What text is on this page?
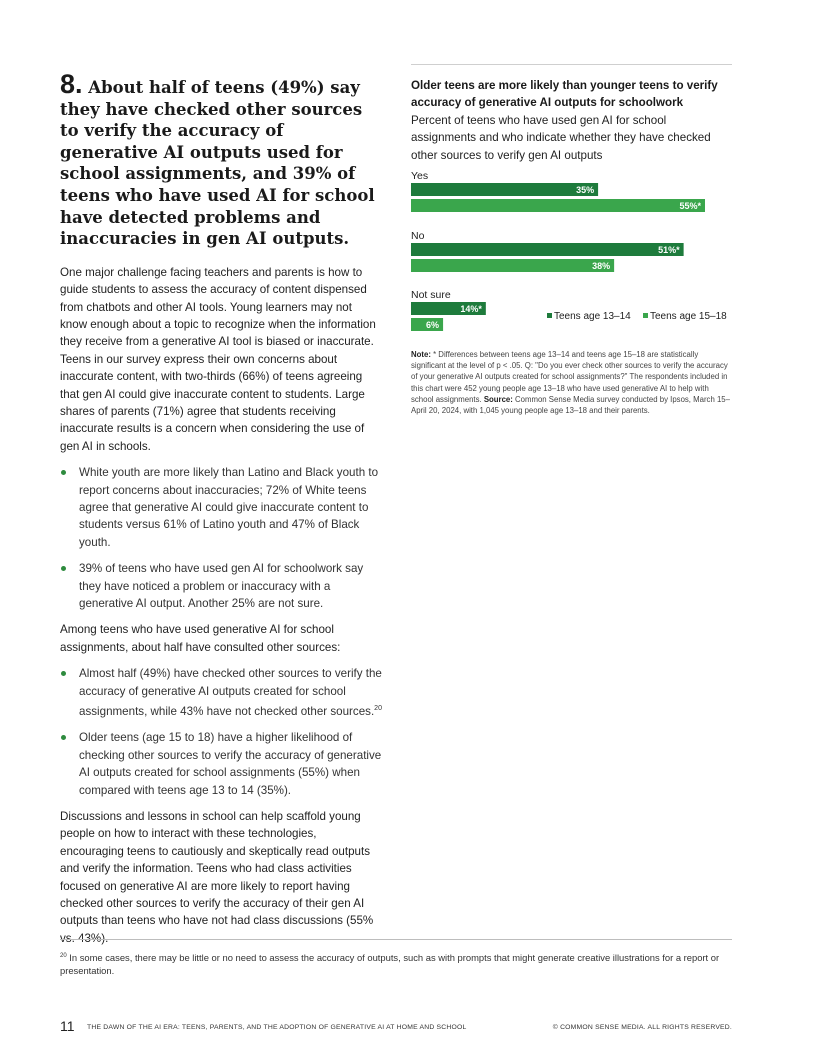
8. About half of teens (49%) say they have checked other sources to verify the accuracy of generative AI outputs used for school assignments, and 39% of teens who have used AI for school have detected problems and inaccuracies in gen AI outputs.

One major challenge facing teachers and parents is how to guide students to assess the accuracy of content dispensed from chatbots and other AI tools. Young learners may not know enough about a topic to recognize when the information they receive from a generative AI tool is biased or inaccurate. Teens in our survey express their own concerns about inaccurate content, with two-thirds (66%) of teens agreeing that gen AI could give inaccurate content to students. Large shares of parents (71%) agree that students receiving inaccurate results is a concern when considering the use of gen AI in schools.

White youth are more likely than Latino and Black youth to report concerns about inaccuracies; 72% of White teens agree that generative AI could give inaccurate content to students versus 61% of Latino youth and 47% of Black youth.
39% of teens who have used gen AI for schoolwork say they have noticed a problem or inaccuracy with a generative AI output. Another 25% are not sure.

Among teens who have used generative AI for school assignments, about half have consulted other sources:

Almost half (49%) have checked other sources to verify the accuracy of generative AI outputs created for school assignments, while 43% have not checked other sources.$^{20}$
Older teens (age 15 to 18) have a higher likelihood of checking other sources to verify the accuracy of generative AI outputs created for school assignments (55%) when compared with teens age 13 to 14 (35%).

Discussions and lessons in school can help scaffold young people on how to interact with these technologies, encouraging teens to cautiously and skeptically read outputs and verify the information. Teens who had class activities focused on generative AI are more likely to report having checked other sources to verify the accuracy of their gen AI outputs than teens who have not had class discussions (55%

Older teens are more likely than younger teens to verify accuracy of generative AI outputs for schoolwork
Percent of teens who have used gen AI for school assignments and who indicate whether they have checked other sources to verify gen AI outputs
Yes
35%
55%*
No
51%*
38%
Not sure
14%*
6%
Teens age 13–14 Teens age 15–18
Note: * Differences between teens age 13–14 and teens age 15–18 are statistically significant at the level of p < .05. Q: "Do you ever check other sources to verify the accuracy of your generative AI outputs created for school assignments?" The respondents included in this chart were 452 young people age 13–18 who have used generative AI to help with school assignments. Source: Common Sense Media survey conducted by Ipsos, March 15–April 20, 2024, with 1,045 young people age 13–18 and their parents.
$^{20}$ In some cases, there may be little or no need to assess the accuracy of outputs, such as with prompts that might generate creative illustrations for a report or presentation.
11 THE DAWN OF THE AI ERA: TEENS, PARENTS, AND THE ADOPTION OF GENERATIVE AI AT HOME AND SCHOOL	© COMMON SENSE MEDIA. ALL RIGHTS RESERVED.
